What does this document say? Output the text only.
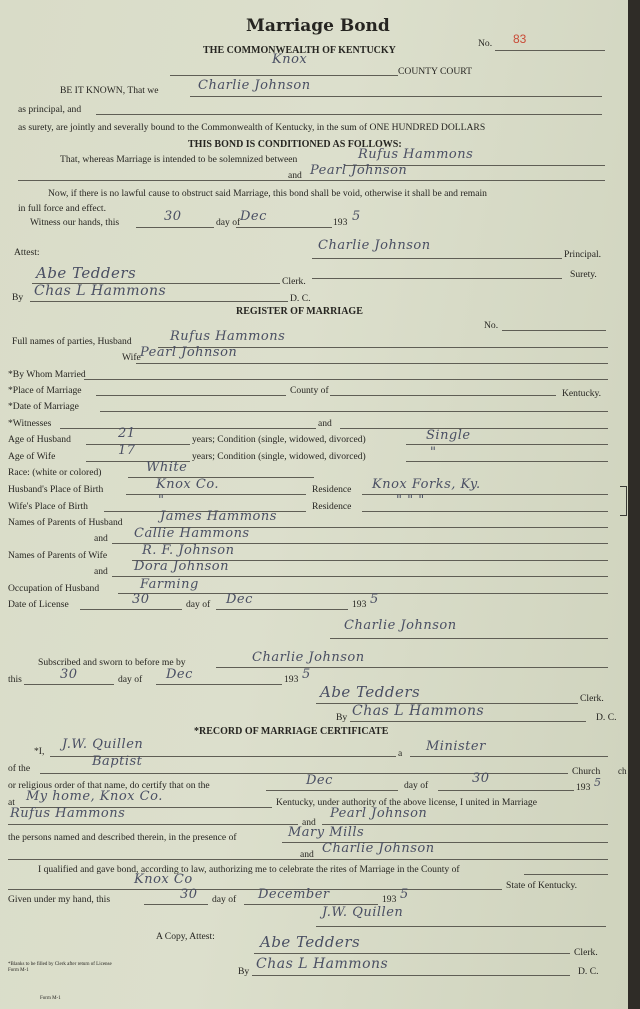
Marriage Bond
THE COMMONWEALTH OF KENTUCKY
No. 83
Knox
COUNTY COURT
BE IT KNOWN, That we	Charlie Johnson
as principal, and
as surety, are jointly and severally bound to the Commonwealth of Kentucky, in the sum of ONE HUNDRED DOLLARS
THIS BOND IS CONDITIONED AS FOLLOWS:
That, whereas Marriage is intended to be solemnized between	Rufus Hammons
and Pearl Johnson
Now, if there is no lawful cause to obstruct said Marriage, this bond shall be void, otherwise it shall be and remain
in full force and effect.
Witness our hands, this	30	day of Dec	193 5
Attest:	Charlie Johnson
Principal.
Surety.
Abe Tedders	Clerk.
By Chas L Hammons	D. C.
REGISTER OF MARRIAGE
No.
Full names of parties, Husband	Rufus Hammons
Wife Pearl Johnson
*By Whom Married
*Place of Marriage	County of	Kentucky.
*Date of Marriage
*Witnesses	and
Age of Husband	21	years; Condition (single, widowed, divorced)	Single
Age of Wife	17	years; Condition (single, widowed, divorced)	"
Race: (white or colored)	White
Husband's Place of Birth	Knox Co.	Residence Knox Forks, Ky.
Wife's Place of Birth	"	Residence	" " "
Names of Parents of Husband	James Hammons
and Callie Hammons
Names of Parents of Wife	R. F. Johnson
and Dora Johnson
Occupation of Husband	Farming
Date of License	30	day of Dec	193 5
Charlie Johnson
Subscribed and sworn to before me by	Charlie Johnson
this	30	day of Dec	193 5
Abe Tedders	Clerk.
By Chas L Hammons	D. C.
*RECORD OF MARRIAGE CERTIFICATE
*I, J.W. Quillen
a Minister
of the	Baptist
Church
or religious order of that name, do certify that on the	Dec	day of	30
193 5
at My home, Knox Co.	Kentucky, under authority of the above license, I united in Marriage
Rufus Hammons
and
Pearl Johnson
the persons named and described therein, in the presence of	Mary Mills
and Charlie Johnson
I qualified and gave bond, according to law, authorizing me to celebrate the rites of Marriage in the County of
Knox Co	State of Kentucky.
Given under my hand, this	30 day of December	193 5
J.W. Quillen
A Copy, Attest:	Abe Tedders
Clerk.
By Chas L Hammons	D. C.
*Blanks to be filled by Clerk after return of License
Form M-1
Form M-1
ch
